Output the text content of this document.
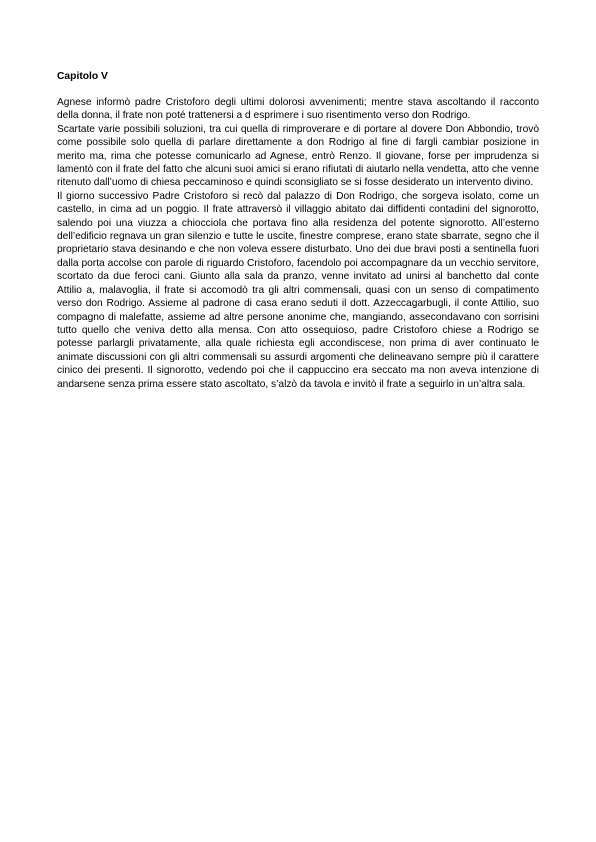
Capitolo V

Agnese informò padre Cristoforo degli ultimi dolorosi avvenimenti; mentre stava ascoltando il racconto della donna, il frate non poté trattenersi a d esprimere i suo risentimento verso don Rodrigo.

Scartate varie possibili soluzioni, tra cui quella di rimproverare e di portare al dovere Don Abbondio, trovò come possibile solo quella di parlare direttamente a don Rodrigo al fine di fargli cambiar posizione in merito ma, rima che potesse comunicarlo ad Agnese, entrò Renzo. Il giovane, forse per imprudenza si lamentò con il frate del fatto che alcuni suoi amici si erano rifiutati di aiutarlo nella vendetta, atto che venne ritenuto dall’uomo di chiesa peccaminoso e quindi sconsigliato se si fosse desiderato un intervento divino.

Il giorno successivo Padre Cristoforo si recò dal palazzo di Don Rodrigo, che sorgeva isolato, come un castello, in cima ad un poggio. Il frate attraversò il villaggio abitato dai diffidenti contadini del signorotto, salendo poi una viuzza a chiocciola che portava fino alla residenza del potente signorotto. All’esterno dell’edificio regnava un gran silenzio e tutte le uscite, finestre comprese, erano state sbarrate, segno che il proprietario stava desinando e che non voleva essere disturbato. Uno dei due bravi posti a sentinella fuori dalla porta accolse con parole di riguardo Cristoforo, facendolo poi accompagnare da un vecchio servitore, scortato da due feroci cani. Giunto alla sala da pranzo, venne invitato ad unirsi al banchetto dal conte Attilio a, malavoglia, il frate si accomodò tra gli altri commensali, quasi con un senso di compatimento verso don Rodrigo. Assieme al padrone di casa erano seduti il dott. Azzeccagarbugli, il conte Attilio, suo compagno di malefatte, assieme ad altre persone anonime che, mangiando, assecondavano con sorrisini tutto quello che veniva detto alla mensa. Con atto ossequioso, padre Cristoforo chiese a Rodrigo se potesse parlargli privatamente, alla quale richiesta egli accondiscese, non prima di aver continuato le animate discussioni con gli altri commensali su assurdi argomenti che delineavano sempre più il carattere cinico dei presenti. Il signorotto, vedendo poi che il cappuccino era seccato ma non aveva intenzione di andarsene senza prima essere stato ascoltato, s’alzò da tavola e invitò il frate a seguirlo in un’altra sala.
